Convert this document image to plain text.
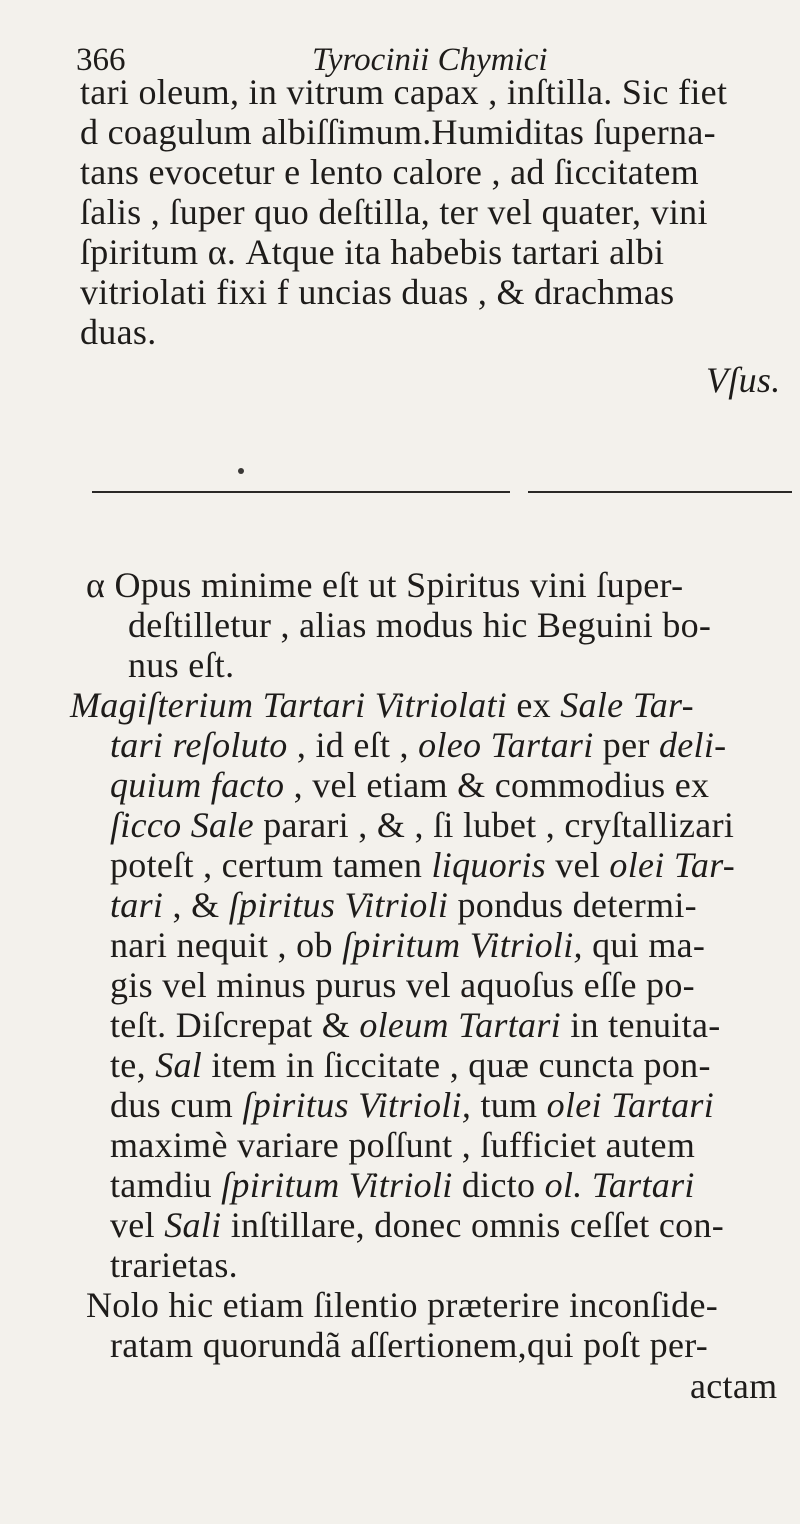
366	Tyrocinii Chymici
tari oleum, in vitrum capax , inſtilla. Sic fiet
d coagulum albiſſimum.Humiditas ſuperna-
tans evocetur e lento calore , ad ſiccitatem
ſalis , ſuper quo deſtilla, ter vel quater, vini
ſpiritum α. Atque ita habebis tartari albi
vitriolati fixi f uncias duas , & drachmas
duas.
Vſus.
α Opus minime eſt ut Spiritus vini ſuper-
deſtilletur , alias modus hic Beguini bo-
nus eſt.
Magiſterium Tartari Vitriolati ex Sale Tar-
tari reſoluto , id eſt , oleo Tartari per deli-
quium facto , vel etiam & commodius ex
ſicco Sale parari , & , ſi lubet , cryſtallizari
poteſt , certum tamen liquoris vel olei Tar-
tari , & ſpiritus Vitrioli pondus determi-
nari nequit , ob ſpiritum Vitrioli, qui ma-
gis vel minus purus vel aquoſus eſſe po-
teſt. Diſcrepat & oleum Tartari in tenuita-
te, Sal item in ſiccitate , quæ cuncta pon-
dus cum ſpiritus Vitrioli, tum olei Tartari
maximè variare poſſunt , ſufficiet autem
tamdiu ſpiritum Vitrioli dicto ol. Tartari
vel Sali inſtillare, donec omnis ceſſet con-
trarietas.
Nolo hic etiam ſilentio præterire inconſide-
ratam quorundã aſſertionem,qui poſt per-
actam
